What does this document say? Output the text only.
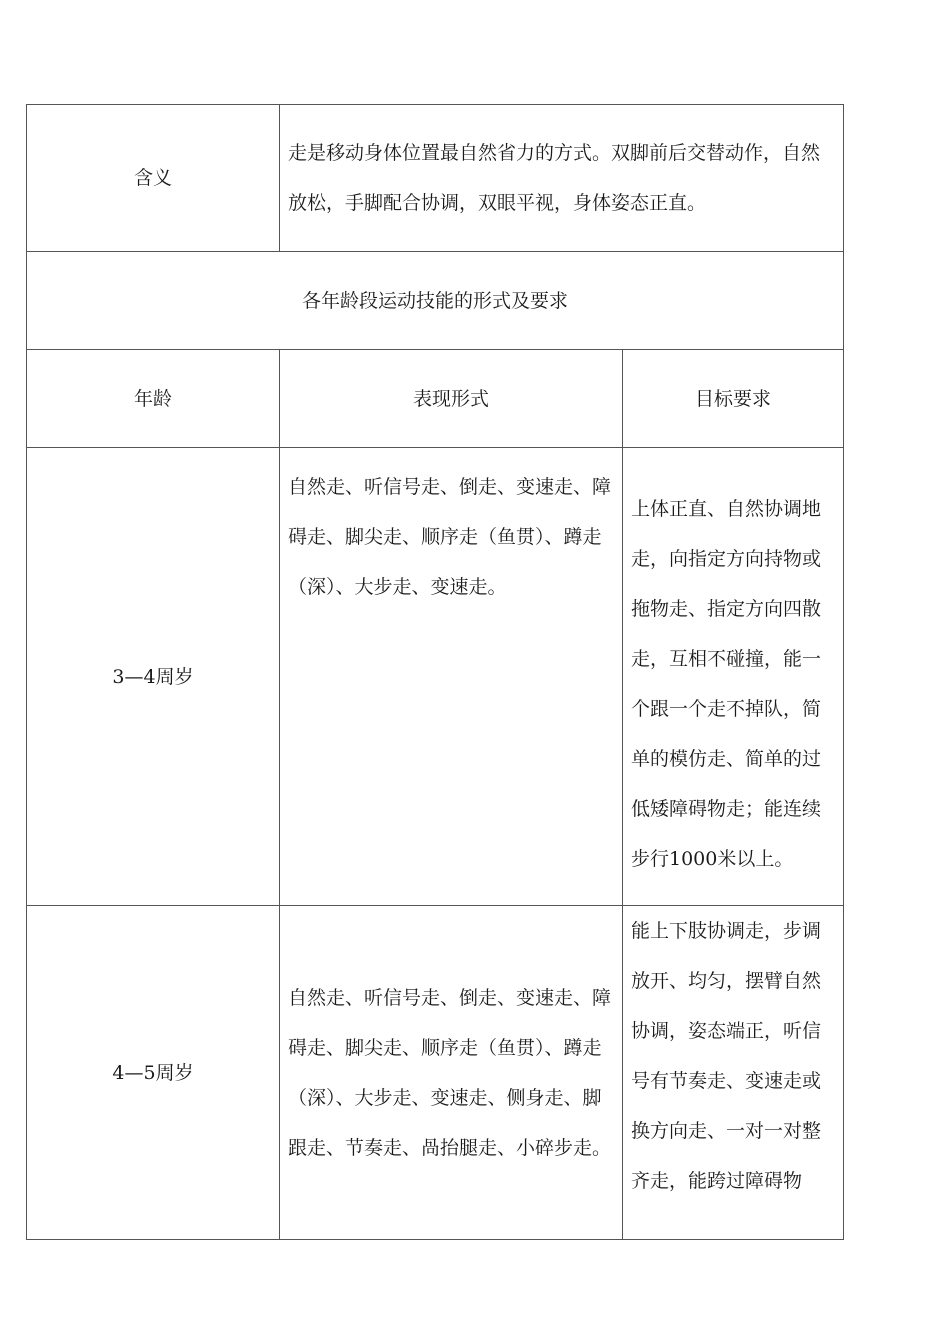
含义	走是移动身体位置最自然省力的方式。双脚前后交替动作，自然放松，手脚配合协调，双眼平视，身体姿态正直。	
各年龄段运动技能的形式及要求		
年龄	表现形式	目标要求
3—4周岁	自然走、听信号走、倒走、变速走、障碍走、脚尖走、顺序走（鱼贯）、蹲走（深）、大步走、变速走。	上体正直、自然协调地走，向指定方向持物或拖物走、指定方向四散走，互相不碰撞，能一个跟一个走不掉队，简单的模仿走、简单的过低矮障碍物走；能连续步行1000米以上。
4—5周岁	自然走、听信号走、倒走、变速走、障碍走、脚尖走、顺序走（鱼贯）、蹲走（深）、大步走、变速走、侧身走、脚跟走、节奏走、咼抬腿走、小碎步走。	能上下肢协调走，步调放开、均匀，摆臂自然协调，姿态端正，听信号有节奏走、变速走或换方向走、一对一对整齐走，能跨过障碍物
